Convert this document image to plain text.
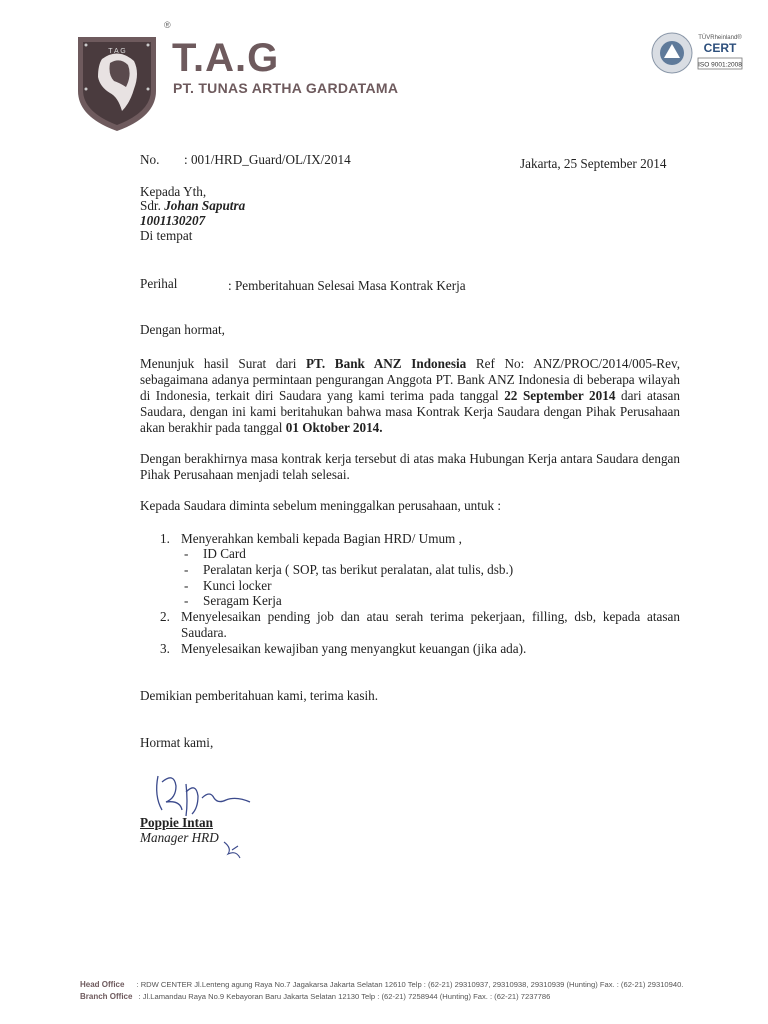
®
T A G T.A.G
PT. TUNAS ARTHA GARDATAMA
TÜVRheinland®
CERT
ISO 9001:2008
No. : 001/HRD_Guard/OL/IX/2014	Jakarta, 25 September 2014
Kepada Yth,
Sdr. Johan Saputra
1001130207
Di tempat
Perihal	: Pemberitahuan Selesai Masa Kontrak Kerja
Dengan hormat,
Menunjuk hasil Surat dari PT. Bank ANZ Indonesia Ref No: ANZ/PROC/2014/005-Rev, sebagaimana adanya permintaan pengurangan Anggota PT. Bank ANZ Indonesia di beberapa wilayah di Indonesia, terkait diri Saudara yang kami terima pada tanggal 22 September 2014 dari atasan Saudara, dengan ini kami beritahukan bahwa masa Kontrak Kerja Saudara dengan Pihak Perusahaan akan berakhir pada tanggal 01 Oktober 2014.
Dengan berakhirnya masa kontrak kerja tersebut di atas maka Hubungan Kerja antara Saudara dengan Pihak Perusahaan menjadi telah selesai.
Kepada Saudara diminta sebelum meninggalkan perusahaan, untuk :
1. Menyerahkan kembali kepada Bagian HRD/ Umum ,
- ID Card
- Peralatan kerja ( SOP, tas berikut peralatan, alat tulis, dsb.)
- Kunci locker
- Seragam Kerja
2. Menyelesaikan pending job dan atau serah terima pekerjaan, filling, dsb, kepada atasan Saudara.
3. Menyelesaikan kewajiban yang menyangkut keuangan (jika ada).
Demikian pemberitahuan kami, terima kasih.
Hormat kami,
Poppie Intan
Manager HRD
Head Office : RDW CENTER Jl.Lenteng agung Raya No.7 Jagakarsa Jakarta Selatan 12610 Telp : (62-21) 29310937, 29310938, 29310939 (Hunting) Fax. : (62-21) 29310940.
Branch Office : Jl.Lamandau Raya No.9 Kebayoran Baru Jakarta Selatan 12130 Telp : (62-21) 7258944 (Hunting) Fax. : (62-21) 7237786
